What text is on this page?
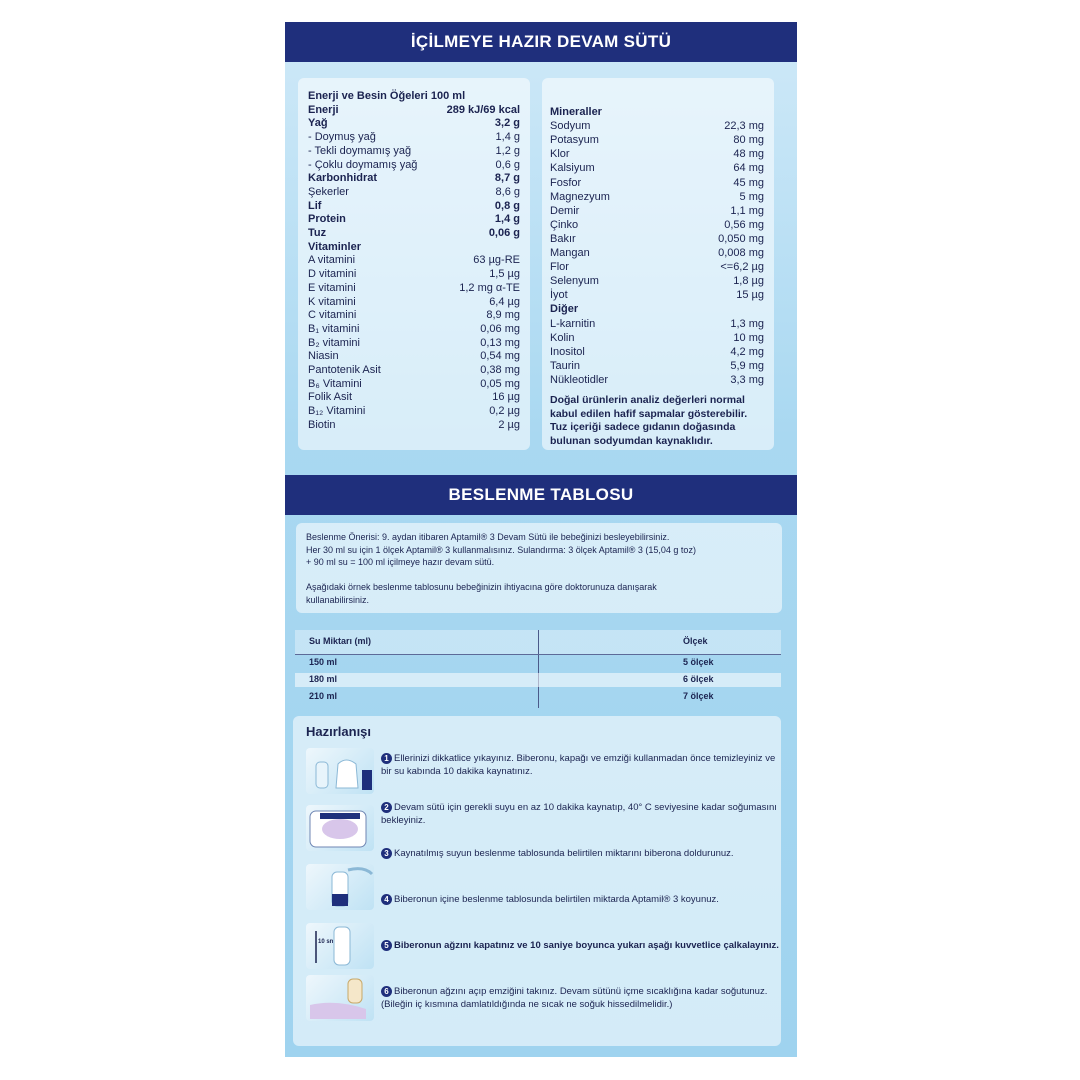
İÇİLMEYE HAZIR DEVAM SÜTÜ
Enerji ve Besin Öğeleri 100 ml
Enerji	289 kJ/69 kcal
Yağ	3,2 g
- Doymuş yağ	1,4 g
- Tekli doymamış yağ	1,2 g
- Çoklu doymamış yağ	0,6 g
Karbonhidrat	8,7 g
Şekerler	8,6 g
Lif	0,8 g
Protein	1,4 g
Tuz	0,06 g
Vitaminler
A vitamini	63 µg-RE
D vitamini	1,5 µg
E vitamini	1,2 mg α-TE
K vitamini	6,4 µg
C vitamini	8,9 mg
B₁ vitamini	0,06 mg
B₂ vitamini	0,13 mg
Niasin	0,54 mg
Pantotenik Asit	0,38 mg
B₆ Vitamini	0,05 mg
Folik Asit	16 µg
B₁₂ Vitamini	0,2 µg
Biotin	2 µg
Mineraller
Sodyum	22,3 mg
Potasyum	80 mg
Klor	48 mg
Kalsiyum	64 mg
Fosfor	45 mg
Magnezyum	5 mg
Demir	1,1 mg
Çinko	0,56 mg
Bakır	0,050 mg
Mangan	0,008 mg
Flor	<=6,2 µg
Selenyum	1,8 µg
İyot	15 µg
Diğer
L-karnitin	1,3 mg
Kolin	10 mg
Inositol	4,2 mg
Taurin	5,9 mg
Nükleotidler	3,3 mg
Doğal ürünlerin analiz değerleri normal
kabul edilen hafif sapmalar gösterebilir.
Tuz içeriği sadece gıdanın doğasında
bulunan sodyumdan kaynaklıdır.
BESLENME TABLOSU
Beslenme Önerisi: 9. aydan itibaren Aptamil® 3 Devam Sütü ile bebeğinizi besleyebilirsiniz.
Her 30 ml su için 1 ölçek Aptamil® 3 kullanmalısınız. Sulandırma: 3 ölçek Aptamil® 3 (15,04 g toz)
+ 90 ml su = 100 ml içilmeye hazır devam sütü.
Aşağıdaki örnek beslenme tablosunu bebeğinizin ihtiyacına göre doktorunuza danışarak
kullanabilirsiniz.
Su Miktarı (ml)	Ölçek
150 ml	5 ölçek
180 ml	6 ölçek
210 ml	7 ölçek
Hazırlanışı
10 sn
1 Ellerinizi dikkatlice yıkayınız. Biberonu, kapağı ve emziği kullanmadan önce temizleyiniz ve bir su kabında 10 dakika kaynatınız.
2 Devam sütü için gerekli suyu en az 10 dakika kaynatıp, 40° C seviyesine kadar soğumasını bekleyiniz.
3 Kaynatılmış suyun beslenme tablosunda belirtilen miktarını biberona doldurunuz.
4 Biberonun içine beslenme tablosunda belirtilen miktarda Aptamil® 3 koyunuz.
5 Biberonun ağzını kapatınız ve 10 saniye boyunca yukarı aşağı kuvvetlice çalkalayınız.
6 Biberonun ağzını açıp emziğini takınız. Devam sütünü içme sıcaklığına kadar soğutunuz. (Bileğin iç kısmına damlatıldığında ne sıcak ne soğuk hissedilmelidir.)
